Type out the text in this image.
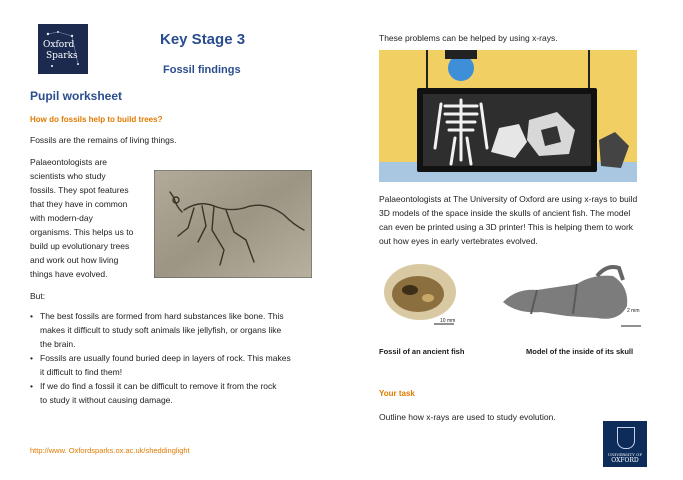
Oxford
Sparks
Key Stage 3
Fossil findings
Pupil worksheet
How do fossils help to build trees?
Fossils are the remains of living things.
Palaeontologists are
scientists who study
fossils. They spot features
that they have in common
with modern-day
organisms. This helps us to
build up evolutionary trees
and work out how living
things have evolved.
But:
• The best fossils are formed from hard substances like bone. This
makes it difficult to study soft animals like jellyfish, or organs like
the brain.
• Fossils are usually found buried deep in layers of rock. This makes
it difficult to find them!
• If we do find a fossil it can be difficult to remove it from the rock
to study it without causing damage.
http://www. Oxfordsparks.ox.ac.uk/sheddinglight
These problems can be helped by using x-rays.
Palaeontologists at The University of Oxford are using x-rays to build
3D models of the space inside the skulls of ancient fish. The model
can even be printed using a 3D printer! This is helping them to work
out how eyes in early vertebrates evolved.
10 mm
2 mm
Fossil of an ancient fish	Model of the inside of its skull
Your task
Outline how x-rays are used to study evolution.
UNIVERSITY OF
OXFORD
